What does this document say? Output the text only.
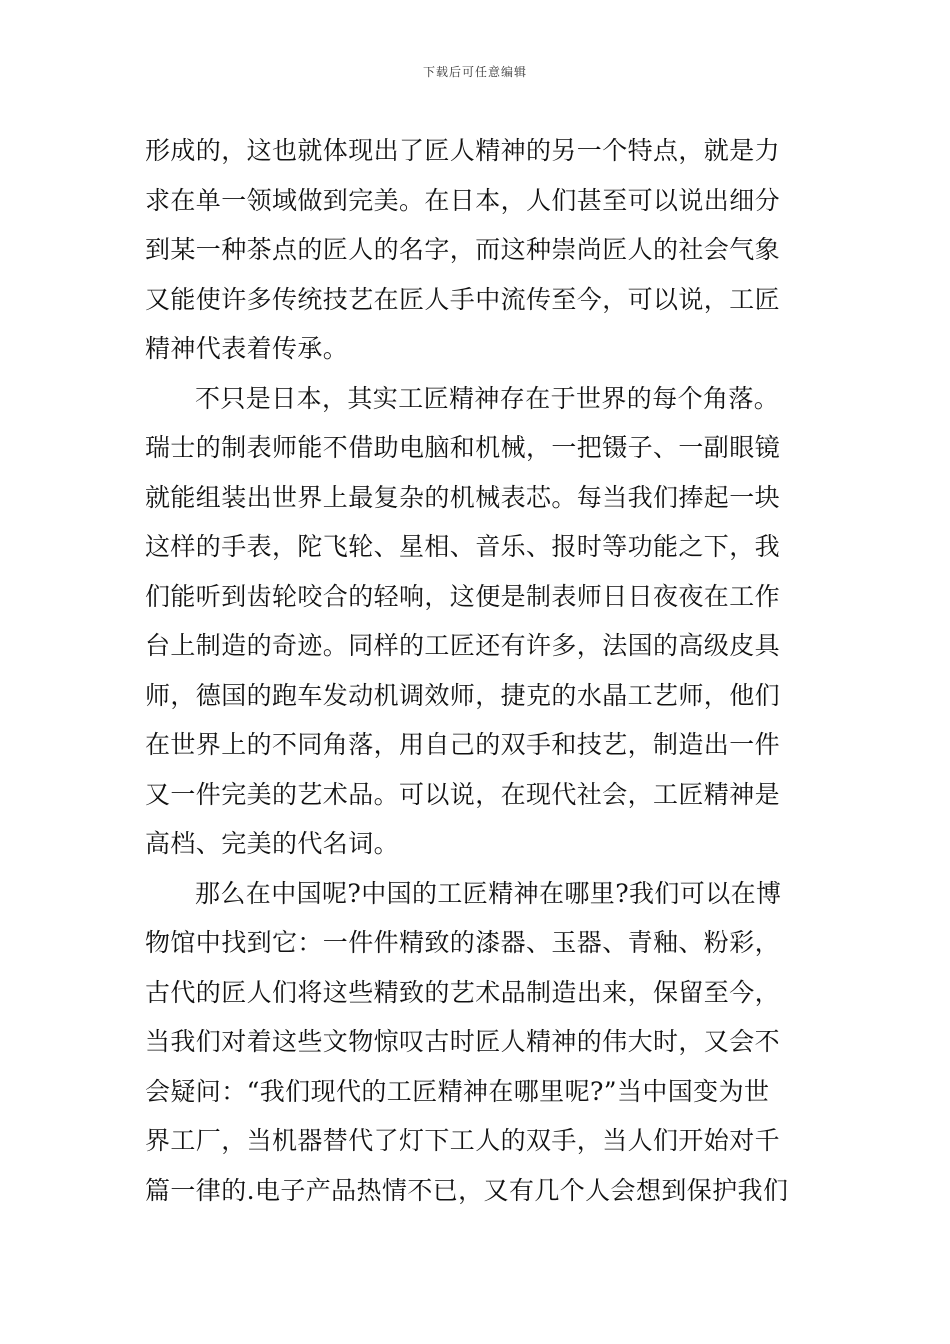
下载后可任意编辑
形成的，这也就体现出了匠人精神的另一个特点，就是力
求在单一领域做到完美。在日本，人们甚至可以说出细分
到某一种茶点的匠人的名字，而这种崇尚匠人的社会气象
又能使许多传统技艺在匠人手中流传至今，可以说，工匠
精神代表着传承。
不只是日本，其实工匠精神存在于世界的每个角落。
瑞士的制表师能不借助电脑和机械，一把镊子、一副眼镜
就能组装出世界上最复杂的机械表芯。每当我们捧起一块
这样的手表，陀飞轮、星相、音乐、报时等功能之下，我
们能听到齿轮咬合的轻响，这便是制表师日日夜夜在工作
台上制造的奇迹。同样的工匠还有许多，法国的高级皮具
师，德国的跑车发动机调效师，捷克的水晶工艺师，他们
在世界上的不同角落，用自己的双手和技艺，制造出一件
又一件完美的艺术品。可以说，在现代社会，工匠精神是
高档、完美的代名词。
那么在中国呢?中国的工匠精神在哪里?我们可以在博
物馆中找到它：一件件精致的漆器、玉器、青釉、粉彩，
古代的匠人们将这些精致的艺术品制造出来，保留至今，
当我们对着这些文物惊叹古时匠人精神的伟大时，又会不
会疑问：“我们现代的工匠精神在哪里呢?”当中国变为世
界工厂，当机器替代了灯下工人的双手，当人们开始对千
篇一律的.电子产品热情不已，又有几个人会想到保护我们
